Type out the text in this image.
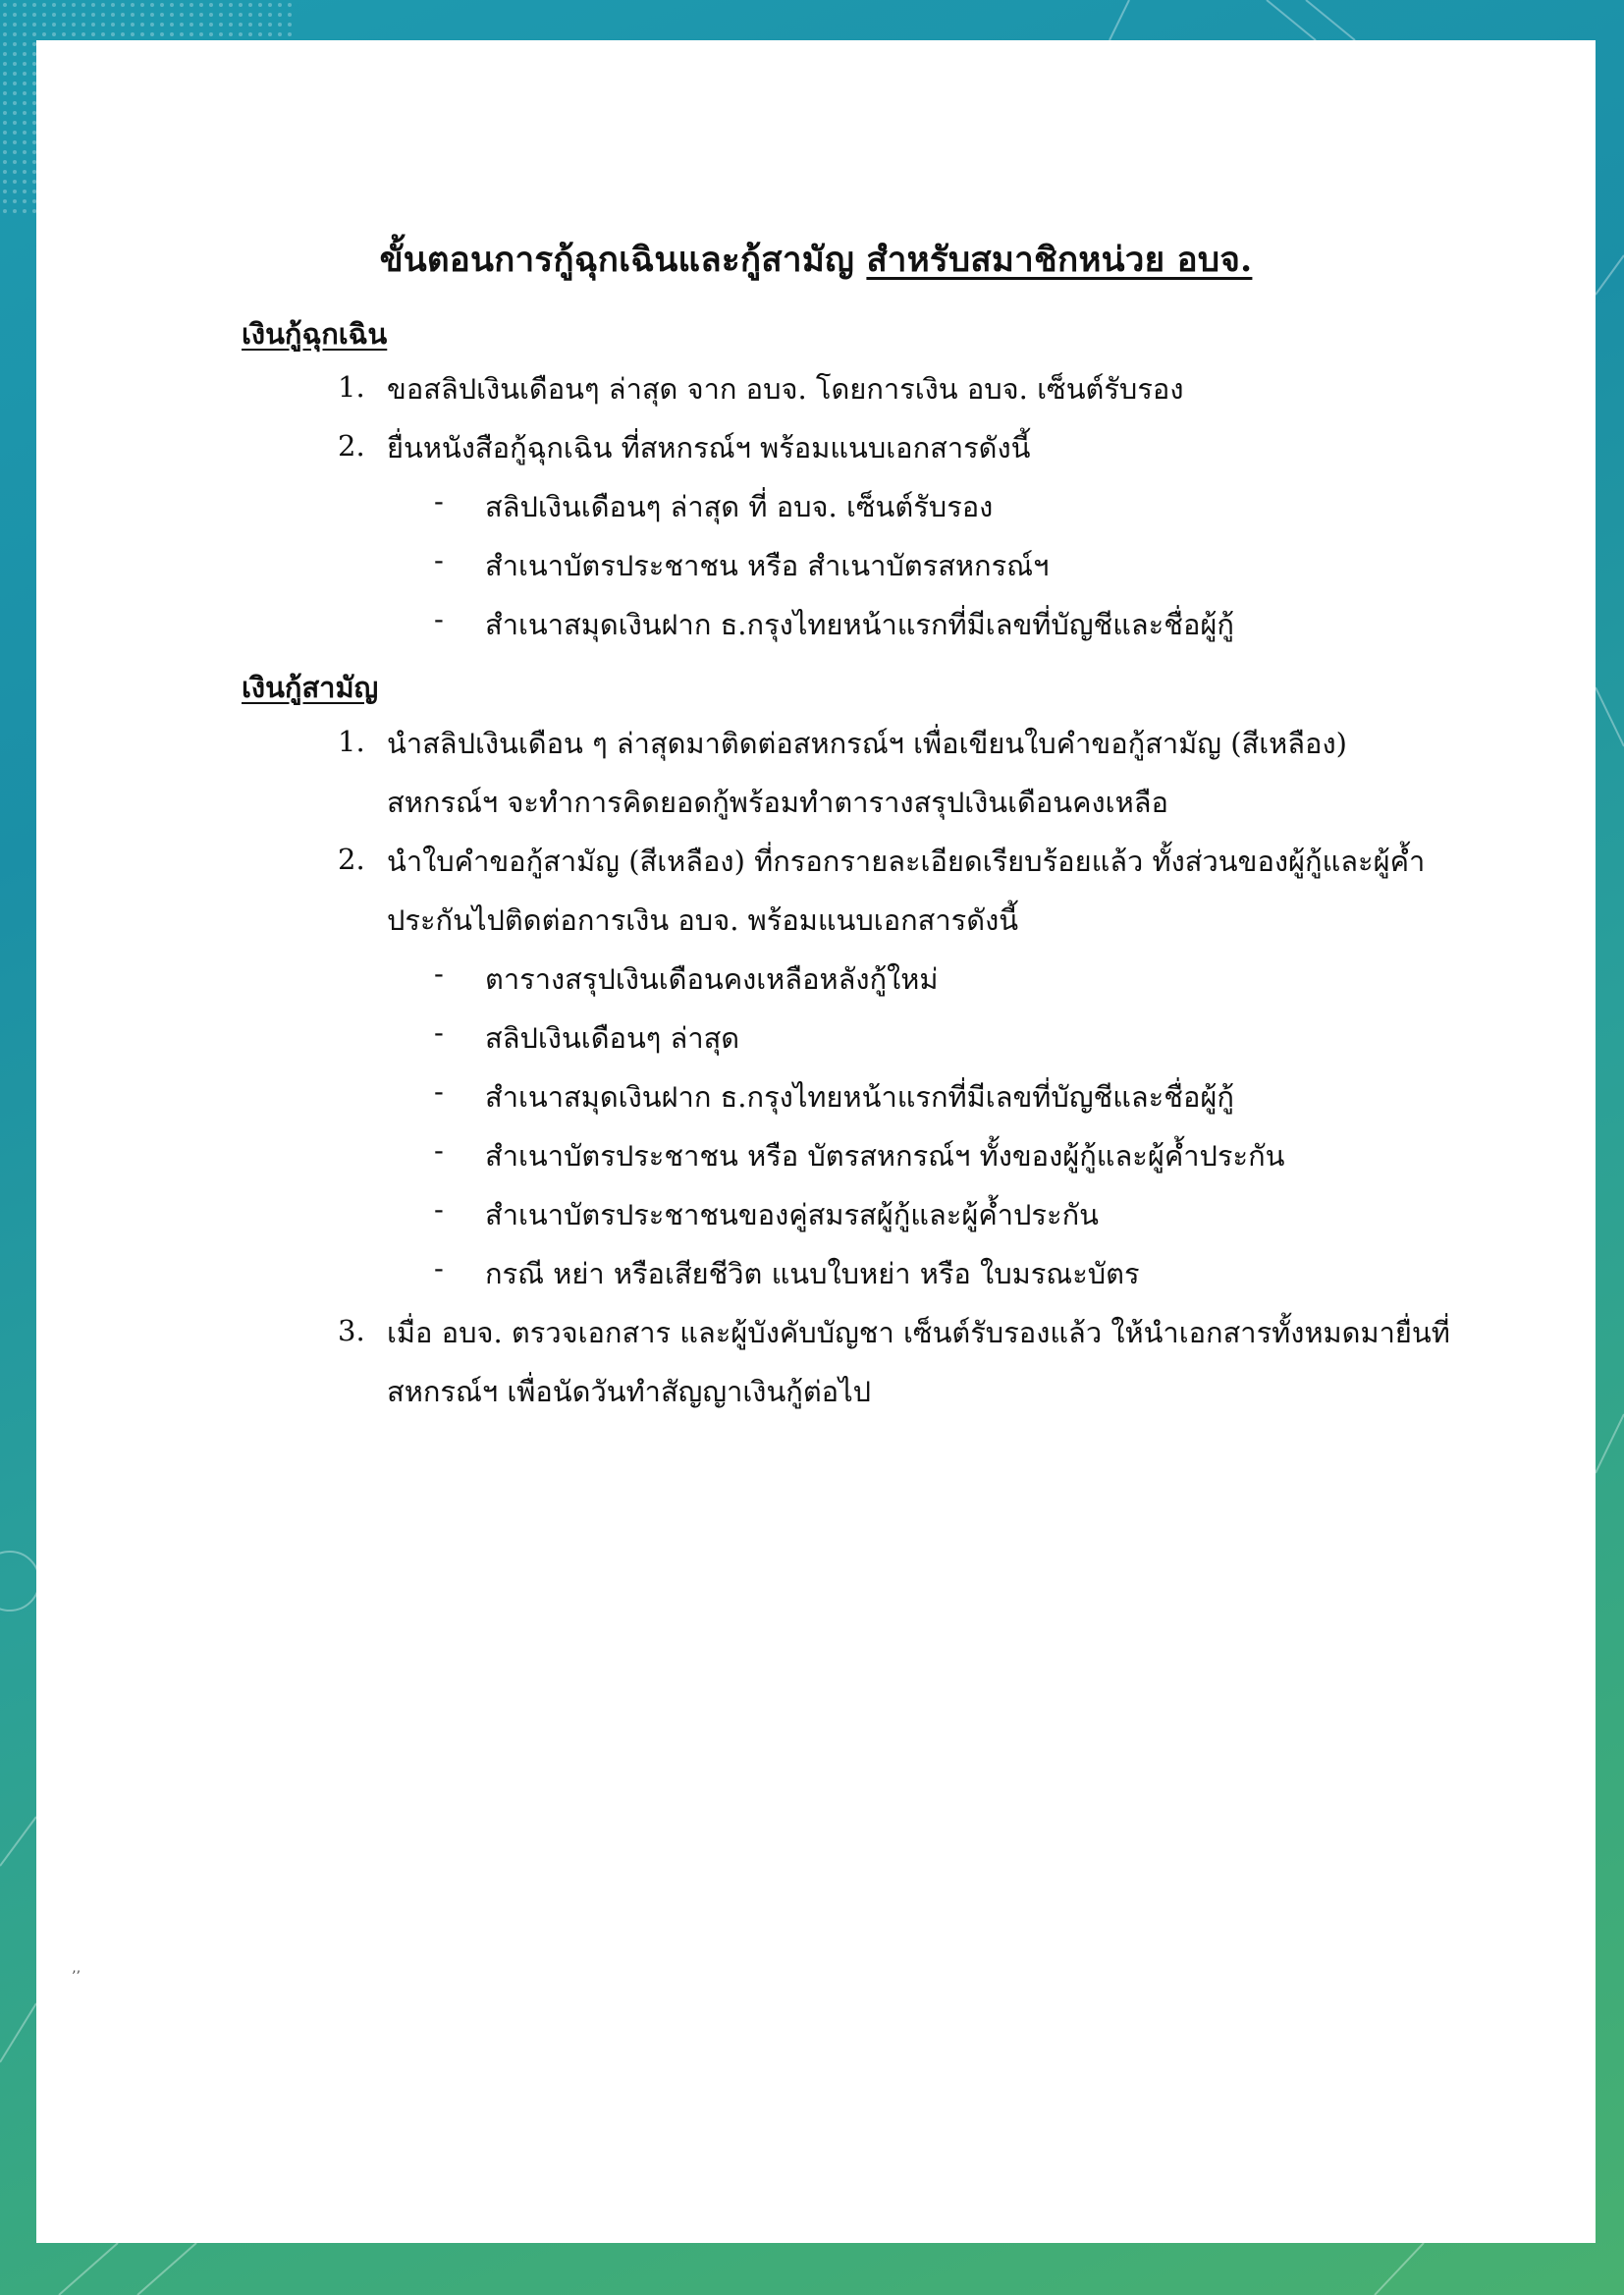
ขั้นตอนการกู้ฉุกเฉินและกู้สามัญ สำหรับสมาชิกหน่วย อบจ.
เงินกู้ฉุกเฉิน
1. ขอสลิปเงินเดือนๆ ล่าสุด จาก อบจ. โดยการเงิน อบจ. เซ็นต์รับรอง
2. ยื่นหนังสือกู้ฉุกเฉิน ที่สหกรณ์ฯ พร้อมแนบเอกสารดังนี้
- สลิปเงินเดือนๆ ล่าสุด ที่ อบจ. เซ็นต์รับรอง
- สำเนาบัตรประชาชน หรือ สำเนาบัตรสหกรณ์ฯ
- สำเนาสมุดเงินฝาก ธ.กรุงไทยหน้าแรกที่มีเลขที่บัญชีและชื่อผู้กู้
เงินกู้สามัญ
1. นำสลิปเงินเดือน ๆ ล่าสุดมาติดต่อสหกรณ์ฯ เพื่อเขียนใบคำขอกู้สามัญ (สีเหลือง)
สหกรณ์ฯ จะทำการคิดยอดกู้พร้อมทำตารางสรุปเงินเดือนคงเหลือ
2. นำใบคำขอกู้สามัญ (สีเหลือง) ที่กรอกรายละเอียดเรียบร้อยแล้ว ทั้งส่วนของผู้กู้และผู้ค้ำ
ประกันไปติดต่อการเงิน อบจ. พร้อมแนบเอกสารดังนี้
- ตารางสรุปเงินเดือนคงเหลือหลังกู้ใหม่
- สลิปเงินเดือนๆ ล่าสุด
- สำเนาสมุดเงินฝาก ธ.กรุงไทยหน้าแรกที่มีเลขที่บัญชีและชื่อผู้กู้
- สำเนาบัตรประชาชน หรือ บัตรสหกรณ์ฯ ทั้งของผู้กู้และผู้ค้ำประกัน
- สำเนาบัตรประชาชนของคู่สมรสผู้กู้และผู้ค้ำประกัน
- กรณี หย่า หรือเสียชีวิต แนบใบหย่า หรือ ใบมรณะบัตร
3. เมื่อ อบจ. ตรวจเอกสาร และผู้บังคับบัญชา เซ็นต์รับรองแล้ว ให้นำเอกสารทั้งหมดมายื่นที่
สหกรณ์ฯ เพื่อนัดวันทำสัญญาเงินกู้ต่อไป
’’
